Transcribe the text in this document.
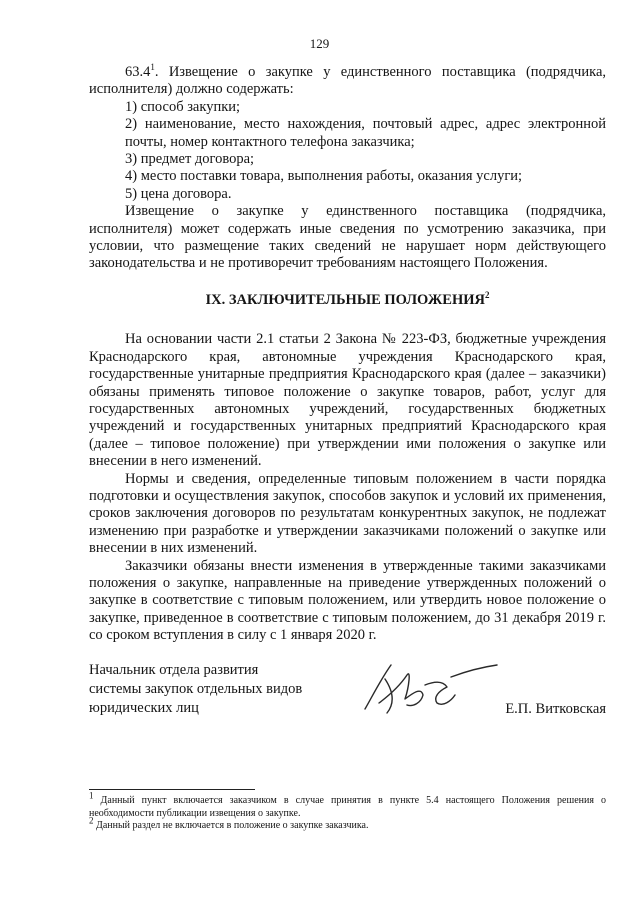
129

63.4$^1$. Извещение о закупке у единственного поставщика (подрядчика, исполнителя) должно содержать:

1) способ закупки;

2) наименование, место нахождения, почтовый адрес, адрес электронной почты, номер контактного телефона заказчика;

3) предмет договора;

4) место поставки товара, выполнения работы, оказания услуги;

5) цена договора.

Извещение о закупке у единственного поставщика (подрядчика, исполнителя) может содержать иные сведения по усмотрению заказчика, при условии, что размещение таких сведений не нарушает норм действующего законодательства и не противоречит требованиям настоящего Положения.

IX. ЗАКЛЮЧИТЕЛЬНЫЕ ПОЛОЖЕНИЯ$^2$

На основании части 2.1 статьи 2 Закона № 223-ФЗ, бюджетные учреждения Краснодарского края, автономные учреждения Краснодарского края, государственные унитарные предприятия Краснодарского края (далее – заказчики) обязаны применять типовое положение о закупке товаров, работ, услуг для государственных автономных учреждений, государственных бюджетных учреждений и государственных унитарных предприятий Краснодарского края (далее – типовое положение) при утверждении ими положения о закупке или внесении в него изменений.

Нормы и сведения, определенные типовым положением в части порядка подготовки и осуществления закупок, способов закупок и условий их применения, сроков заключения договоров по результатам конкурентных закупок, не подлежат изменению при разработке и утверждении заказчиками положений о закупке или внесении в них изменений.

Заказчики обязаны внести изменения в утвержденные такими заказчиками положения о закупке, направленные на приведение утвержденных положений о закупке в соответствие с типовым положением, или утвердить новое положение о закупке, приведенное в соответствие с типовым положением, до 31 декабря 2019 г. со сроком вступления в силу с 1 января 2020 г.

Начальник отдела развития
системы закупок отдельных видов
юридических лиц	Е.П. Витковская

$^1$ Данный пункт включается заказчиком в случае принятия в пункте 5.4 настоящего Положения решения о необходимости публикации извещения о закупке.

$^2$ Данный раздел не включается в положение о закупке заказчика.
